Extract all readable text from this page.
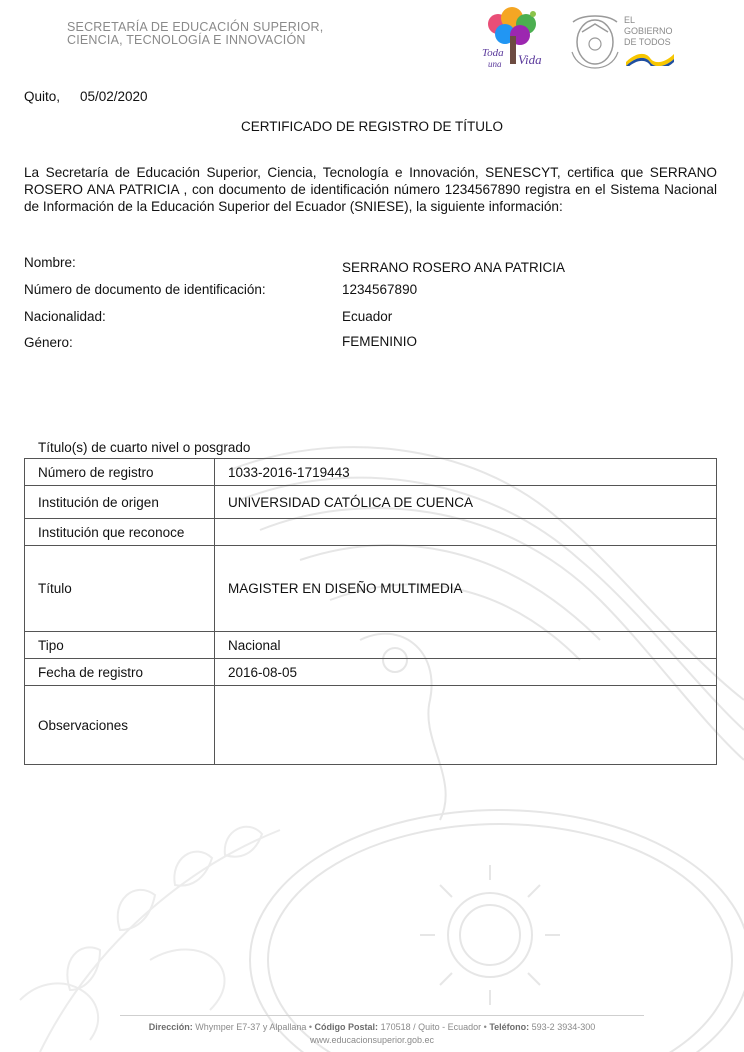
SECRETARÍA DE EDUCACIÓN SUPERIOR,
CIENCIA, TECNOLOGÍA E INNOVACIÓN
Toda
una Vida
EL
GOBIERNO
DE TODOS
Quito, 05/02/2020
CERTIFICADO DE REGISTRO DE TÍTULO
La Secretaría de Educación Superior, Ciencia, Tecnología e Innovación, SENESCYT, certifica que SERRANO ROSERO ANA PATRICIA , con documento de identificación número 1234567890 registra en el Sistema Nacional de Información de la Educación Superior del Ecuador (SNIESE), la siguiente información:
Nombre:	SERRANO ROSERO ANA PATRICIA
Número de documento de identificación:	1234567890
Nacionalidad:	Ecuador
Género:	FEMENINIO
Título(s) de cuarto nivel o posgrado
Número de registro	1033-2016-1719443
Institución de origen	UNIVERSIDAD CATÓLICA DE CUENCA
Institución que reconoce	
Título	MAGISTER EN DISEÑO MULTIMEDIA
Tipo	Nacional
Fecha de registro	2016-08-05
Observaciones	
Dirección: Whymper E7-37 y Alpallana • Código Postal: 170518 / Quito - Ecuador • Teléfono: 593-2 3934-300
www.educacionsuperior.gob.ec
